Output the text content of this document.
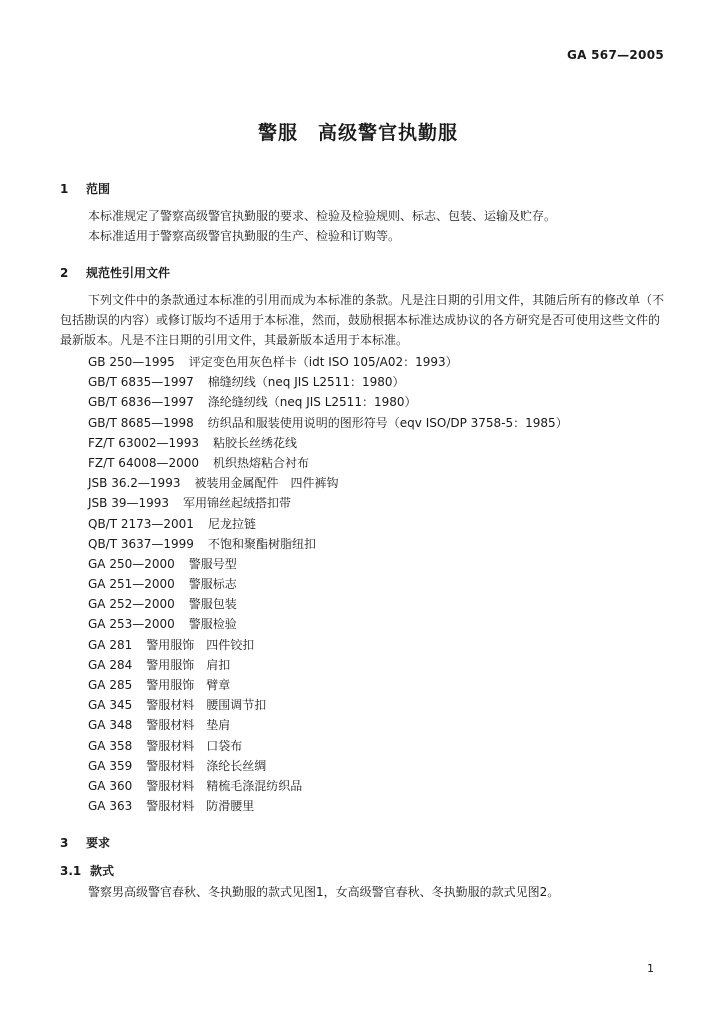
GA 567—2005
警服　高级警官执勤服
1 范围

本标准规定了警察高级警官执勤服的要求、检验及检验规则、标志、包装、运输及贮存。

本标准适用于警察高级警官执勤服的生产、检验和订购等。

2 规范性引用文件

下列文件中的条款通过本标准的引用而成为本标准的条款。凡是注日期的引用文件，其随后所有的修改单（不包括勘误的内容）或修订版均不适用于本标准，然而，鼓励根据本标准达成协议的各方研究是否可使用这些文件的最新版本。凡是不注日期的引用文件，其最新版本适用于本标准。

GB 250—1995 评定变色用灰色样卡（idt ISO 105/A02：1993）
GB/T 6835—1997 棉缝纫线（neq JIS L2511：1980）
GB/T 6836—1997 涤纶缝纫线（neq JIS L2511：1980）
GB/T 8685—1998 纺织品和服装使用说明的图形符号（eqv ISO/DP 3758-5：1985）
FZ/T 63002—1993 粘胶长丝绣花线
FZ/T 64008—2000 机织热熔粘合衬布
JSB 36.2—1993 被装用金属配件　四件裤钩
JSB 39—1993 军用锦丝起绒搭扣带
QB/T 2173—2001 尼龙拉链
QB/T 3637—1999 不饱和聚酯树脂纽扣
GA 250—2000 警服号型
GA 251—2000 警服标志
GA 252—2000 警服包装
GA 253—2000 警服检验
GA 281 警用服饰　四件铰扣
GA 284 警用服饰　肩扣
GA 285 警用服饰　臂章
GA 345 警服材料　腰围调节扣
GA 348 警服材料　垫肩
GA 358 警服材料　口袋布
GA 359 警服材料　涤纶长丝绸
GA 360 警服材料　精梳毛涤混纺织品
GA 363 警服材料　防滑腰里
3 要求
3.1 款式

警察男高级警官春秋、冬执勤服的款式见图1，女高级警官春秋、冬执勤服的款式见图2。

1
